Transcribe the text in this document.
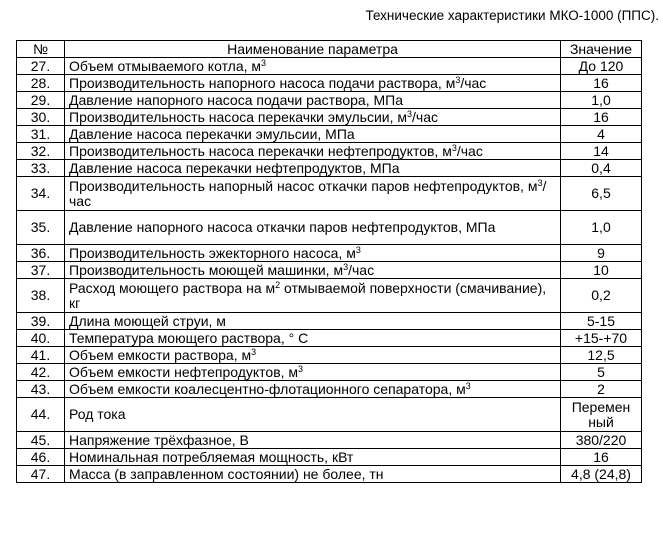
Технические характеристики МКО-1000 (ППС).
№	Наименование параметра	Значение
27.	Объем отмываемого котла, $м^3$	До 120
28.	Производительность напорного насоса подачи раствора, $м^3$/час	16
29.	Давление напорного насоса подачи раствора, МПа	1,0
30.	Производительность насоса перекачки эмульсии, $м^3$/час	16
31.	Давление насоса перекачки эмульсии, МПа	4
32.	Производительность насоса перекачки нефтепродуктов, $м^3$/час	14
33.	Давление насоса перекачки нефтепродуктов, МПа	0,4
34.	Производительность напорный насос откачки паров нефтепродуктов, $м^3$/час	6,5
35.	Давление напорного насоса откачки паров нефтепродуктов, МПа	1,0
36.	Производительность эжекторного насоса, $м^3$	9
37.	Производительность моющей машинки, $м^3$/час	10
38.	Расход моющего раствора на $м^2$ отмываемой поверхности (смачивание), кг	0,2
39.	Длина моющей струи, м	5-15
40.	Температура моющего раствора, ° С	+15-+70
41.	Объем емкости раствора, $м^3$	12,5
42.	Объем емкости нефтепродуктов, $м^3$	5
43.	Объем емкости коалесцентно-флотационного сепаратора, $м^3$	2
44.	Род тока	Перемен ный
45.	Напряжение трёхфазное, В	380/220
46.	Номинальная потребляемая мощность, кВт	16
47.	Масса (в заправленном состоянии) не более, тн	4,8 (24,8)
